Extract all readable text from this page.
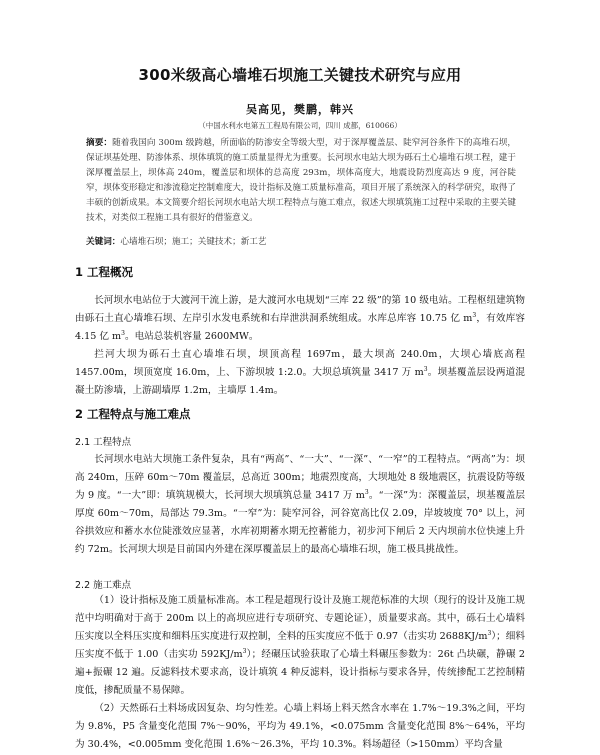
300米级高心墙堆石坝施工关键技术研究与应用
吴高见，樊鹏，韩兴
（中国水利水电第五工程局有限公司，四川 成都，610066）
摘要：随着我国向 300m 级跨越，所面临的防渗安全等级大型，对于深厚覆盖层、陡窄河谷条件下的高堆石坝，保证坝基处理、防渗体系、坝体填筑的施工质量显得尤为重要。长河坝水电站大坝为砾石土心墙堆石坝工程，建于深厚覆盖层上，坝体高 240m，覆盖层和坝体的总高度 293m，坝体高度大，地震设防烈度高达 9 度，河谷陡窄，坝体变形稳定和渗流稳定控制难度大，设计指标及施工质量标准高，项目开展了系统深入的科学研究，取得了丰硕的创新成果。本文简要介绍长河坝水电站大坝工程特点与施工难点，叙述大坝填筑施工过程中采取的主要关键技术，对类似工程施工具有很好的借鉴意义。
关键词：心墙堆石坝；施工；关键技术；新工艺
1 工程概况
长河坝水电站位于大渡河干流上游，是大渡河水电规划“三库 22 级”的第 10 级电站。工程枢纽建筑物由砾石土直心墙堆石坝、左岸引水发电系统和右岸泄洪洞系统组成。水库总库容 10.75 亿 $m^3$，有效库容 4.15 亿 $m^3$。电站总装机容量 2600MW。
拦河大坝为砾石土直心墙堆石坝，坝顶高程 1697m，最大坝高 240.0m，大坝心墙底高程 1457.00m，坝顶宽度 16.0m，上、下游坝坡 1:2.0。大坝总填筑量 3417 万 $m^3$。坝基覆盖层设两道混凝土防渗墙，上游副墙厚 1.2m，主墙厚 1.4m。
2 工程特点与施工难点
2.1 工程特点
长河坝水电站大坝施工条件复杂，具有“两高”、“一大”、“一深”、“一窄”的工程特点。“两高”为：坝高 240m，压碎 60m～70m 覆盖层，总高近 300m；地震烈度高，大坝地处 8 级地震区，抗震设防等级为 9 度。“一大”即：填筑规模大，长河坝大坝填筑总量 3417 万 $m^3$。“一深”为：深覆盖层，坝基覆盖层厚度 60m～70m，局部达 79.3m。“一窄”为：陡窄河谷，河谷宽高比仅 2.09，岸坡坡度 70° 以上，河谷拱效应和蓄水水位陡涨效应显著，水库初期蓄水期无控蓄能力，初步河下闸后 2 天内坝前水位快速上升约 72m。长河坝大坝是目前国内外建在深厚覆盖层上的最高心墙堆石坝，施工极具挑战性。
2.2 施工难点
（1）设计指标及施工质量标准高。本工程是超现行设计及施工规范标准的大坝（现行的设计及施工规范中均明确对于高于 200m 以上的高坝应进行专项研究、专题论证），质量要求高。其中，砾石土心墙料压实度以全料压实度和细料压实度进行双控制，全料的压实度应不低于 0.97（击实功 $2688KJ/m^3$）；细料压实度不低于 1.00（击实功 $592KJ/m^3$）；经碾压试验获取了心墙土料碾压参数为：26t 凸块碾，静碾 2 遍+振碾 12 遍。反滤料技术要求高，设计填筑 4 种反滤料，设计指标与要求各异，传统掺配工艺控制精度低，掺配质量不易保障。
（2）天然砾石土料场成因复杂、均匀性差。心墙上料场上料天然含水率在 1.7%～19.3%之间，平均为 9.8%，P5 含量变化范围 7%～90%，平均为 49.1%，<0.075mm 含量变化范围 8%～64%，平均为 30.4%，<0.005mm 变化范围 1.6%～26.3%，平均 10.3%。料场超径（>150mm）平均含量
